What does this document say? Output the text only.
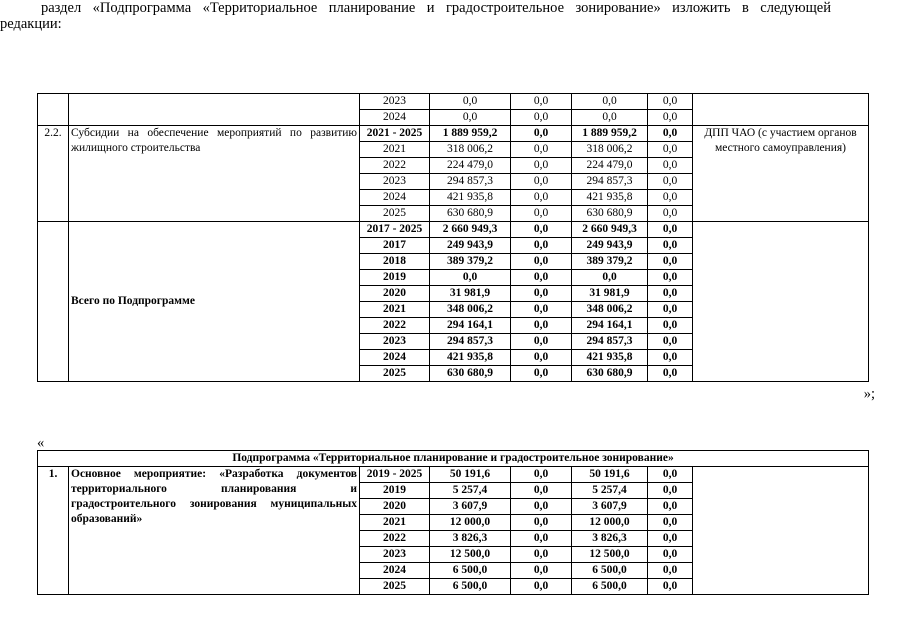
		2023	0,0	0,0	0,0	0,0	
		2024	0,0	0,0	0,0	0,0	
2.2.	Субсидии на обеспечение мероприятий по развитию жилищного строительства	2021 - 2025	1 889 959,2	0,0	1 889 959,2	0,0	ДПП ЧАО (с участием органов местного самоуправления)
		2021	318 006,2	0,0	318 006,2	0,0	
		2022	224 479,0	0,0	224 479,0	0,0	
		2023	294 857,3	0,0	294 857,3	0,0	
		2024	421 935,8	0,0	421 935,8	0,0	
		2025	630 680,9	0,0	630 680,9	0,0	
	Всего по Подпрограмме	2017 - 2025	2 660 949,3	0,0	2 660 949,3	0,0	
		2017	249 943,9	0,0	249 943,9	0,0	
		2018	389 379,2	0,0	389 379,2	0,0	
		2019	0,0	0,0	0,0	0,0	
		2020	31 981,9	0,0	31 981,9	0,0	
		2021	348 006,2	0,0	348 006,2	0,0	
		2022	294 164,1	0,0	294 164,1	0,0	
		2023	294 857,3	0,0	294 857,3	0,0	
		2024	421 935,8	0,0	421 935,8	0,0	
		2025	630 680,9	0,0	630 680,9	0,0	
»;
раздел «Подпрограмма «Территориальное планирование и градостроительное зонирование» изложить в следующей
редакции:
«
Подпрограмма «Территориальное планирование и градостроительное зонирование»							
1.	Основное мероприятие: «Разработка документов территориального планирования и градостроительного зонирования муниципальных образований»	2019 - 2025	50 191,6	0,0	50 191,6	0,0	
		2019	5 257,4	0,0	5 257,4	0,0	
		2020	3 607,9	0,0	3 607,9	0,0	
		2021	12 000,0	0,0	12 000,0	0,0	
		2022	3 826,3	0,0	3 826,3	0,0	
		2023	12 500,0	0,0	12 500,0	0,0	
		2024	6 500,0	0,0	6 500,0	0,0	
		2025	6 500,0	0,0	6 500,0	0,0	
